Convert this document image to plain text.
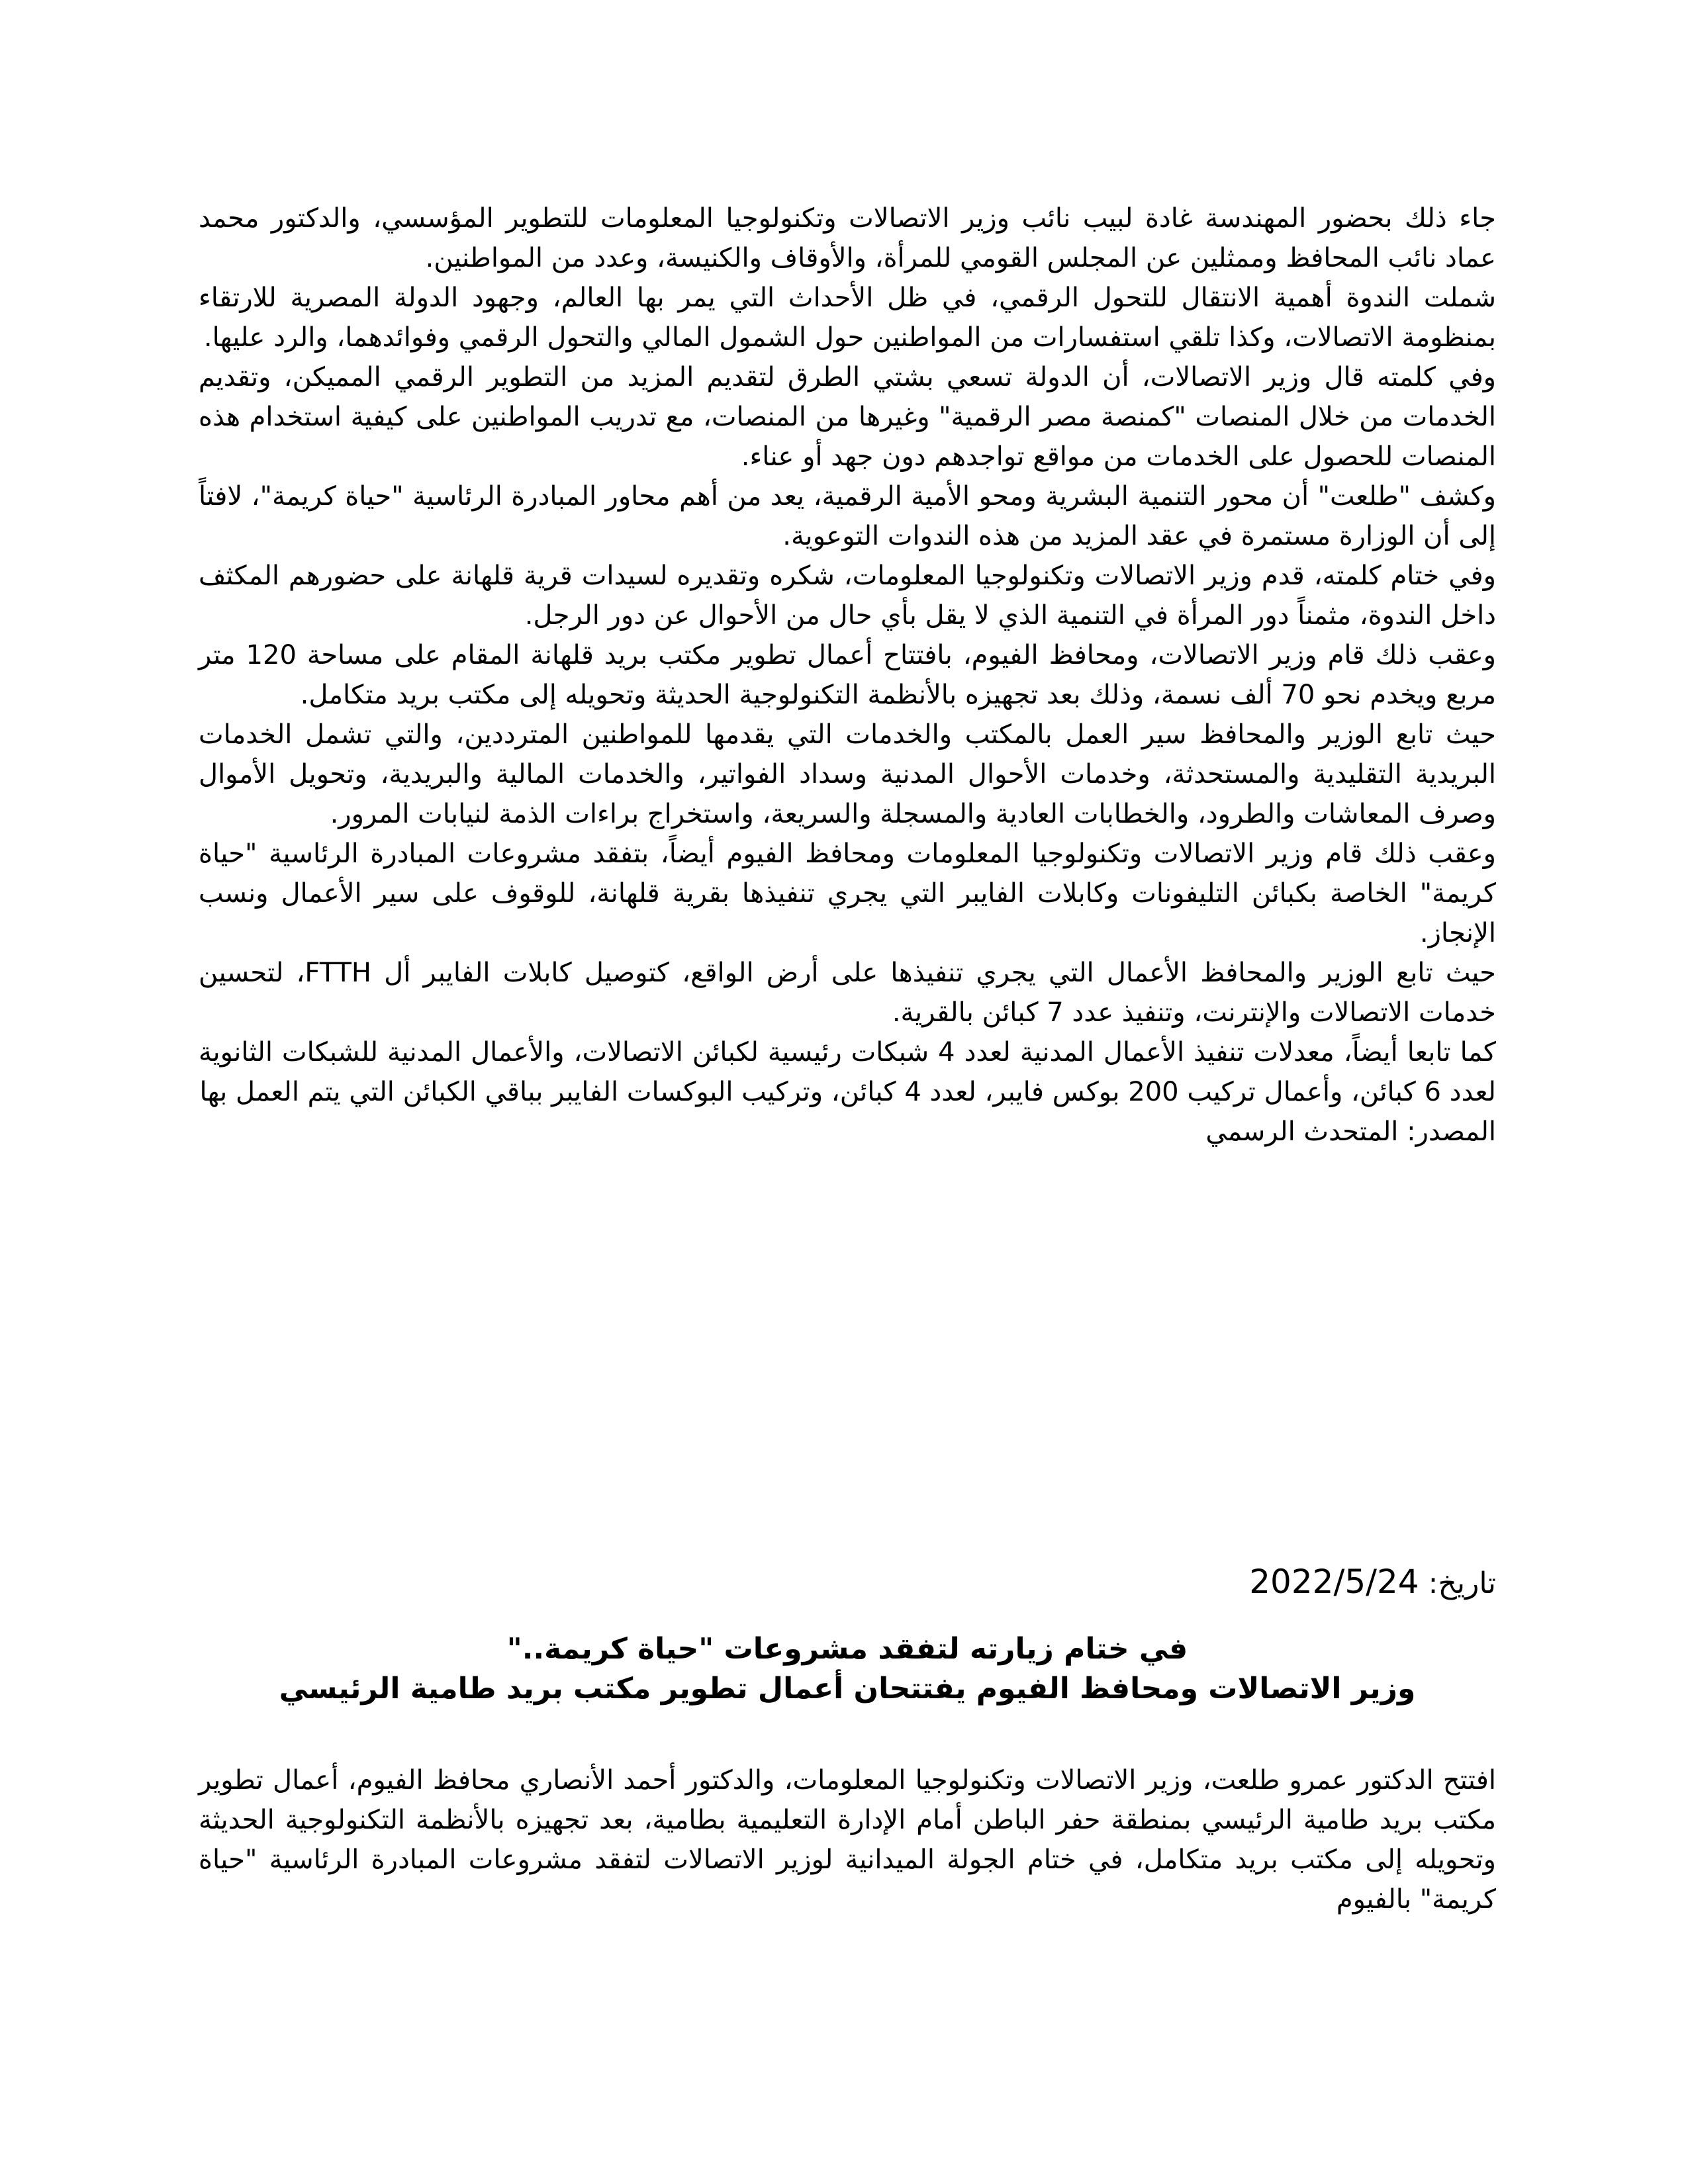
جاء ذلك بحضور المهندسة غادة لبيب نائب وزير الاتصالات وتكنولوجيا المعلومات للتطوير المؤسسي، والدكتور محمد عماد نائب المحافظ وممثلين عن المجلس القومي للمرأة، والأوقاف والكنيسة، وعدد من المواطنين.

شملت الندوة أهمية الانتقال للتحول الرقمي، في ظل الأحداث التي يمر بها العالم، وجهود الدولة المصرية للارتقاء بمنظومة الاتصالات، وكذا تلقي استفسارات من المواطنين حول الشمول المالي والتحول الرقمي وفوائدهما، والرد عليها.

وفي كلمته قال وزير الاتصالات، أن الدولة تسعي بشتي الطرق لتقديم المزيد من التطوير الرقمي المميكن، وتقديم الخدمات من خلال المنصات "كمنصة مصر الرقمية" وغيرها من المنصات، مع تدريب المواطنين على كيفية استخدام هذه المنصات للحصول على الخدمات من مواقع تواجدهم دون جهد أو عناء.

وكشف "طلعت" أن محور التنمية البشرية ومحو الأمية الرقمية، يعد من أهم محاور المبادرة الرئاسية "حياة كريمة"، لافتاً إلى أن الوزارة مستمرة في عقد المزيد من هذه الندوات التوعوية.

وفي ختام كلمته، قدم وزير الاتصالات وتكنولوجيا المعلومات، شكره وتقديره لسيدات قرية قلهانة على حضورهم المكثف داخل الندوة، مثمناً دور المرأة في التنمية الذي لا يقل بأي حال من الأحوال عن دور الرجل.

وعقب ذلك قام وزير الاتصالات، ومحافظ الفيوم، بافتتاح أعمال تطوير مكتب بريد قلهانة المقام على مساحة 120 متر مربع ويخدم نحو 70 ألف نسمة، وذلك بعد تجهيزه بالأنظمة التكنولوجية الحديثة وتحويله إلى مكتب بريد متكامل.

حيث تابع الوزير والمحافظ سير العمل بالمكتب والخدمات التي يقدمها للمواطنين المترددين، والتي تشمل الخدمات البريدية التقليدية والمستحدثة، وخدمات الأحوال المدنية وسداد الفواتير، والخدمات المالية والبريدية، وتحويل الأموال وصرف المعاشات والطرود، والخطابات العادية والمسجلة والسريعة، واستخراج براءات الذمة لنيابات المرور.

وعقب ذلك قام وزير الاتصالات وتكنولوجيا المعلومات ومحافظ الفيوم أيضاً، بتفقد مشروعات المبادرة الرئاسية "حياة كريمة" الخاصة بكبائن التليفونات وكابلات الفايبر التي يجري تنفيذها بقرية قلهانة، للوقوف على سير الأعمال ونسب الإنجاز.

حيث تابع الوزير والمحافظ الأعمال التي يجري تنفيذها على أرض الواقع، كتوصيل كابلات الفايبر أل FTTH، لتحسين خدمات الاتصالات والإنترنت، وتنفيذ عدد 7 كبائن بالقرية.

كما تابعا أيضاً، معدلات تنفيذ الأعمال المدنية لعدد 4 شبكات رئيسية لكبائن الاتصالات، والأعمال المدنية للشبكات الثانوية لعدد 6 كبائن، وأعمال تركيب 200 بوكس فايبر، لعدد 4 كبائن، وتركيب البوكسات الفايبر بباقي الكبائن التي يتم العمل بها

المصدر: المتحدث الرسمي

تاريخ: 2022/5/24

في ختام زيارته لتفقد مشروعات "حياة كريمة.."

وزير الاتصالات ومحافظ الفيوم يفتتحان أعمال تطوير مكتب بريد طامية الرئيسي

افتتح الدكتور عمرو طلعت، وزير الاتصالات وتكنولوجيا المعلومات، والدكتور أحمد الأنصاري محافظ الفيوم، أعمال تطوير مكتب بريد طامية الرئيسي بمنطقة حفر الباطن أمام الإدارة التعليمية بطامية، بعد تجهيزه بالأنظمة التكنولوجية الحديثة وتحويله إلى مكتب بريد متكامل، في ختام الجولة الميدانية لوزير الاتصالات لتفقد مشروعات المبادرة الرئاسية "حياة كريمة" بالفيوم
